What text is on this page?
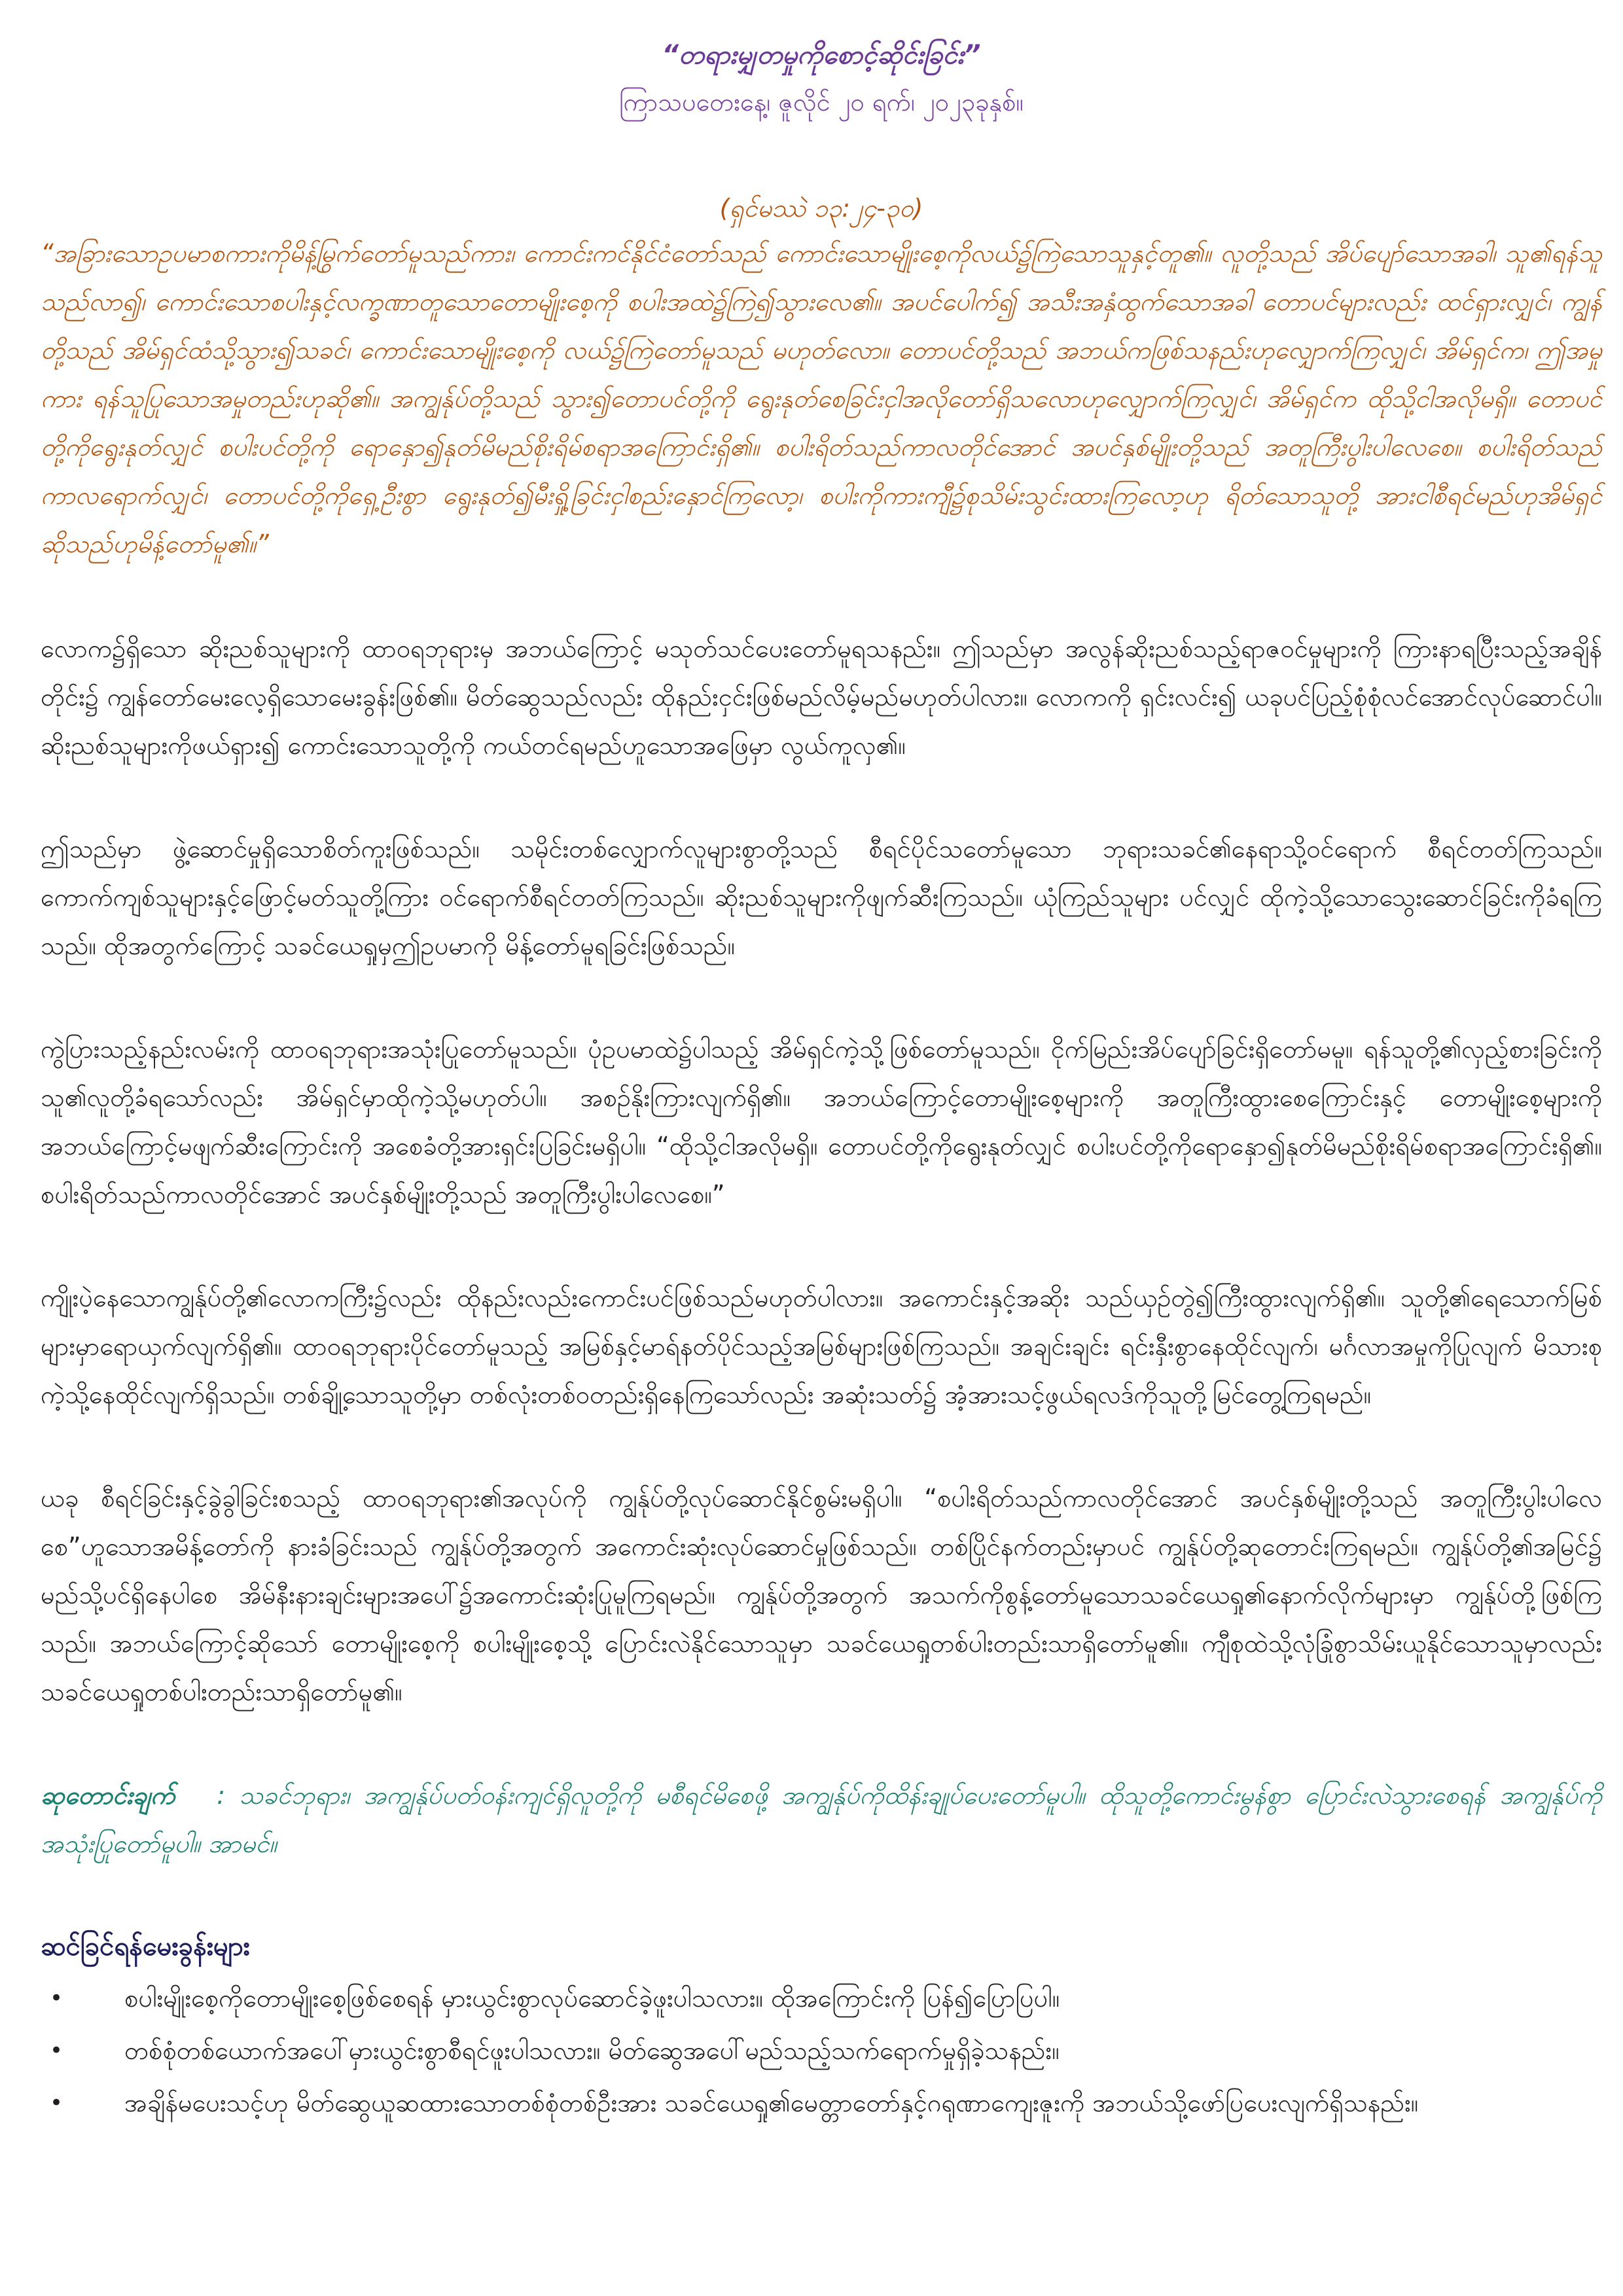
“တရားမျှတမှုကိုစောင့်ဆိုင်းခြင်း”

ကြာသပတေးနေ့၊ ဇူလိုင် ၂၀ ရက်၊ ၂၀၂၃ခုနှစ်။

(ရှင်မဿဲ ၁၃:၂၄-၃၀)

“အခြားသောဥပမာစကားကိုမိန့်မြွက်တော်မူသည်ကား၊ ကောင်းကင်နိုင်ငံတော်သည် ကောင်းသောမျိုးစေ့ကိုလယ်၌ကြဲသောသူနှင့်တူ၏။ လူတို့သည် အိပ်ပျော်သောအခါ၊ သူ၏ရန်သူသည်လာ၍၊ ကောင်းသောစပါးနှင့်လက္ခဏာတူသောတောမျိုးစေ့ကို စပါးအထဲ၌ကြဲ၍သွားလေ၏။ အပင်ပေါက်၍ အသီးအနှံထွက်သောအခါ တောပင်များလည်း ထင်ရှားလျှင်၊ ကျွန်တို့သည် အိမ်ရှင်ထံသို့သွား၍သခင်၊ ကောင်းသောမျိုးစေ့ကို လယ်၌ကြဲတော်မူသည် မဟုတ်လော။ တောပင်တို့သည် အဘယ်ကဖြစ်သနည်းဟုလျှောက်ကြလျှင်၊ အိမ်ရှင်က၊ ဤအမှုကား ရန်သူပြုသောအမှုတည်းဟုဆို၏။ အကျွန်ုပ်တို့သည် သွား၍တောပင်တို့ကို ရွေးနုတ်စေခြင်းငှါအလိုတော်ရှိသလောဟုလျှောက်ကြလျှင်၊ အိမ်ရှင်က ထိုသို့ငါအလိုမရှိ။ တောပင်တို့ကိုရွေးနုတ်လျှင် စပါးပင်တို့ကို ရောနှော၍နုတ်မိမည်စိုးရိမ်စရာအကြောင်းရှိ၏။ စပါးရိတ်သည်ကာလတိုင်အောင် အပင်နှစ်မျိုးတို့သည် အတူကြီးပွါးပါလေစေ။ စပါးရိတ်သည် ကာလရောက်လျှင်၊ တောပင်တို့ကိုရှေ့ဦးစွာ ရွေးနုတ်၍မီးရှို့ခြင်းငှါစည်းနှောင်ကြလော့၊ စပါးကိုကားကျီ၌စုသိမ်းသွင်းထားကြလော့ဟု ရိတ်သောသူတို့ အားငါစီရင်မည်ဟုအိမ်ရှင်ဆိုသည်ဟုမိန့်တော်မူ၏။”

လောက၌ရှိသော ဆိုးညစ်သူများကို ထာဝရဘုရားမှ အဘယ်ကြောင့် မသုတ်သင်ပေးတော်မူရသနည်း။ ဤသည်မှာ အလွန်ဆိုးညစ်သည့်ရာဇဝင်မှုများကို ကြားနာရပြီးသည့်အချိန်တိုင်း၌ ကျွန်တော်မေးလေ့ရှိသောမေးခွန်းဖြစ်၏။ မိတ်ဆွေသည်လည်း ထိုနည်းငှင်းဖြစ်မည်လိမ့်မည်မဟုတ်ပါလား။ လောကကို ရှင်းလင်း၍ ယခုပင်ပြည့်စုံစုံလင်အောင်လုပ်ဆောင်ပါ။ ဆိုးညစ်သူများကိုဖယ်ရှား၍ ကောင်းသောသူတို့ကို ကယ်တင်ရမည်ဟူသောအဖြေမှာ လွယ်ကူလှ၏။

ဤသည်မှာ ဖွဲ့ဆောင်မှုရှိသောစိတ်ကူးဖြစ်သည်။ သမိုင်းတစ်လျှောက်လူများစွာတို့သည် စီရင်ပိုင်သတော်မူသော ဘုရားသခင်၏နေရာသို့ဝင်ရောက် စီရင်တတ်ကြသည်။ ကောက်ကျစ်သူများနှင့်ဖြောင့်မတ်သူတို့ကြား ဝင်ရောက်စီရင်တတ်ကြသည်။ ဆိုးညစ်သူများကိုဖျက်ဆီးကြသည်။ ယုံကြည်သူများ ပင်လျှင် ထိုကဲ့သို့သောသွေးဆောင်ခြင်းကိုခံရကြသည်။ ထိုအတွက်ကြောင့် သခင်ယေရှုမှဤဥပမာကို မိန့်တော်မူရခြင်းဖြစ်သည်။

ကွဲပြားသည့်နည်းလမ်းကို ထာဝရဘုရားအသုံးပြုတော်မူသည်။ ပုံဥပမာထဲ၌ပါသည့် အိမ်ရှင်ကဲ့သို့ဖြစ်တော်မူသည်။ ငိုက်မြည်းအိပ်ပျော်ခြင်းရှိတော်မမူ။ ရန်သူတို့၏လှည့်စားခြင်းကို သူ၏လူတို့ခံရသော်လည်း အိမ်ရှင်မှာထိုကဲ့သို့မဟုတ်ပါ။ အစဉ်နိုးကြားလျက်ရှိ၏။ အဘယ်ကြောင့်တောမျိုးစေ့များကို အတူကြီးထွားစေကြောင်းနှင့် တောမျိုးစေ့များကို အဘယ်ကြောင့်မဖျက်ဆီးကြောင်းကို အစေခံတို့အားရှင်းပြခြင်းမရှိပါ။ “ထိုသို့ငါအလိုမရှိ။ တောပင်တို့ကိုရွေးနုတ်လျှင် စပါးပင်တို့ကိုရောနှော၍နုတ်မိမည်စိုးရိမ်စရာအကြောင်းရှိ၏။ စပါးရိတ်သည်ကာလတိုင်အောင် အပင်နှစ်မျိုးတို့သည် အတူကြီးပွါးပါလေစေ။”

ကျိုးပဲ့နေသောကျွန်ုပ်တို့၏လောကကြီး၌လည်း ထိုနည်းလည်းကောင်းပင်ဖြစ်သည်မဟုတ်ပါလား။ အကောင်းနှင့်အဆိုး သည်ယှဉ်တွဲ၍ကြီးထွားလျက်ရှိ၏။ သူတို့၏ရေသောက်မြစ်များမှာရောယှက်လျက်ရှိ၏။ ထာဝရဘုရားပိုင်တော်မူသည့် အမြစ်နှင့်မာရ်နတ်ပိုင်သည့်အမြစ်များဖြစ်ကြသည်။ အချင်းချင်း ရင်းနှီးစွာနေထိုင်လျက်၊ မင်္ဂလာအမှုကိုပြုလျက် မိသားစုကဲ့သို့နေထိုင်လျက်ရှိသည်။ တစ်ချို့သောသူတို့မှာ တစ်လုံးတစ်ဝတည်းရှိနေကြသော်လည်း အဆုံးသတ်၌ အံ့အားသင့်ဖွယ်ရလဒ်ကိုသူတို့မြင်တွေ့ကြရမည်။

ယခု စီရင်ခြင်းနှင့်ခွဲခွါခြင်းစသည့် ထာဝရဘုရား၏အလုပ်ကို ကျွန်ုပ်တို့လုပ်ဆောင်နိုင်စွမ်းမရှိပါ။ “စပါးရိတ်သည်ကာလတိုင်အောင် အပင်နှစ်မျိုးတို့သည် အတူကြီးပွါးပါလေစေ”ဟူသောအမိန့်တော်ကို နားခံခြင်းသည် ကျွန်ုပ်တို့အတွက် အကောင်းဆုံးလုပ်ဆောင်မှုဖြစ်သည်။ တစ်ပြိုင်နက်တည်းမှာပင် ကျွန်ုပ်တို့ဆုတောင်းကြရမည်။ ကျွန်ုပ်တို့၏အမြင်၌ မည်သို့ပင်ရှိနေပါစေ အိမ်နီးနားချင်းများအပေါ်၌အကောင်းဆုံးပြုမူကြရမည်။ ကျွန်ုပ်တို့အတွက် အသက်ကိုစွန့်တော်မူသောသခင်ယေရှု၏နောက်လိုက်များမှာ ကျွန်ုပ်တို့ဖြစ်ကြသည်။ အဘယ်ကြောင့်ဆိုသော် တောမျိုးစေ့ကို စပါးမျိုးစေ့သို့ ပြောင်းလဲနိုင်သောသူမှာ သခင်ယေရှုတစ်ပါးတည်းသာရှိတော်မူ၏။ ကျီစုထဲသို့လုံခြုံစွာသိမ်းယူနိုင်သောသူမှာလည်း သခင်ယေရှုတစ်ပါးတည်းသာရှိတော်မူ၏။

ဆုတောင်းချက် : သခင်ဘုရား၊ အကျွန်ုပ်ပတ်ဝန်းကျင်ရှိလူတို့ကို မစီရင်မိစေဖို့ အကျွန်ုပ်ကိုထိန်းချုပ်ပေးတော်မူပါ။ ထိုသူတို့ကောင်းမွန်စွာ ပြောင်းလဲသွားစေရန် အကျွန်ုပ်ကိုအသုံးပြုတော်မူပါ။ အာမင်။

ဆင်ခြင်ရန်မေးခွန်းများ

• စပါးမျိုးစေ့ကိုတောမျိုးစေ့ဖြစ်စေရန် မှားယွင်းစွာလုပ်ဆောင်ခဲ့ဖူးပါသလား။ ထိုအကြောင်းကို ပြန်၍ပြောပြပါ။
• တစ်စုံတစ်ယောက်အပေါ်မှားယွင်းစွာစီရင်ဖူးပါသလား။ မိတ်ဆွေအပေါ်မည်သည့်သက်ရောက်မှုရှိခဲ့သနည်း။
• အချိန်မပေးသင့်ဟု မိတ်ဆွေယူဆထားသောတစ်စုံတစ်ဦးအား သခင်ယေရှု၏မေတ္တာတော်နှင့်ဂရုဏာကျေးဇူးကို အဘယ်သို့ဖော်ပြပေးလျက်ရှိသနည်း။
